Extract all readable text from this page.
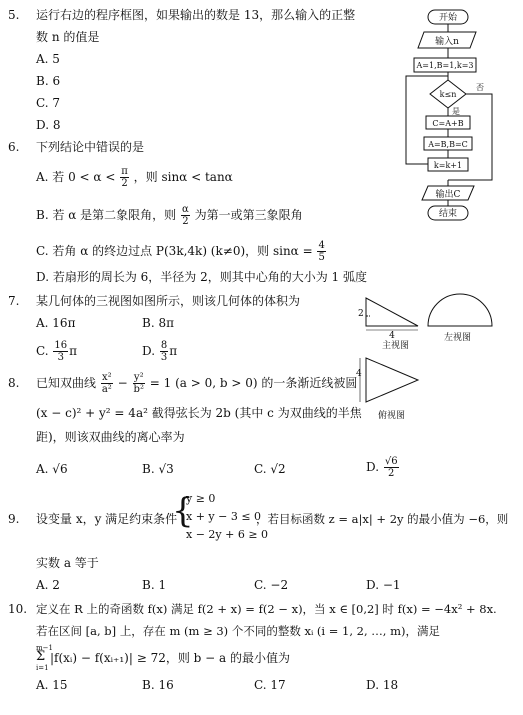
5. 运行右边的程序框图，如果输出的数是 13，那么输入的正整
数 n 的值是
A. 5
B. 6
C. 7
D. 8
开始
输入n
A=1,B=1,k=3
k≤n
否
是
C=A+B
A=B,B=C
k=k+1
输出C
结束
6. 下列结论中错误的是
A. 若 $0 < \alpha < \frac{\pi}{2}$ ，则 sinα < tanα
B. 若 α 是第二象限角，则 $\frac{\alpha}{2}$ 为第一或第三象限角
C. 若角 α 的终边过点 P(3k,4k) (k≠0)，则 $\sin\alpha = \frac{4}{5}$
D. 若扇形的周长为 6，半径为 2，则其中心角的大小为 1 弧度
7. 某几何体的三视图如图所示，则该几何体的体积为
A. 16π	B. 8π
C. $\frac{16}{3}$ π	D. $\frac{8}{3}$ π
2
4
4
主视图
左视图
俯视图
8. 已知双曲线 $\frac{\text{x²}}{\text{a²}} - \frac{\text{y²}}{\text{b²}} = 1$ (a > 0, b > 0) 的一条渐近线被圆
(x − c)² + y² = 4a² 截得弦长为 2b (其中 c 为双曲线的半焦
距)，则该双曲线的离心率为
A. √6	B. √3	C. √2	D. $\frac{√6}{2}$
9. 设变量 x，y 满足约束条件
{
y ≥ 0
x + y − 3 ≤ 0
x − 2y + 6 ≥ 0
，若目标函数 z = a|x| + 2y 的最小值为 −6，则
实数 a 等于
A. 2	B. 1	C. −2	D. −1
10. 定义在 R 上的奇函数 f(x) 满足 f(2 + x) = f(2 − x)，当 x ∈ [0,2] 时 f(x) = −4x² + 8x.
若在区间 [a, b] 上，存在 m (m ≥ 3) 个不同的整数 xᵢ (i = 1, 2, …, m)，满足
m−1
Σ
i=1
|f(xᵢ) − f(xᵢ₊₁)| ≥ 72，则 b − a 的最小值为
A. 15	B. 16	C. 17	D. 18
